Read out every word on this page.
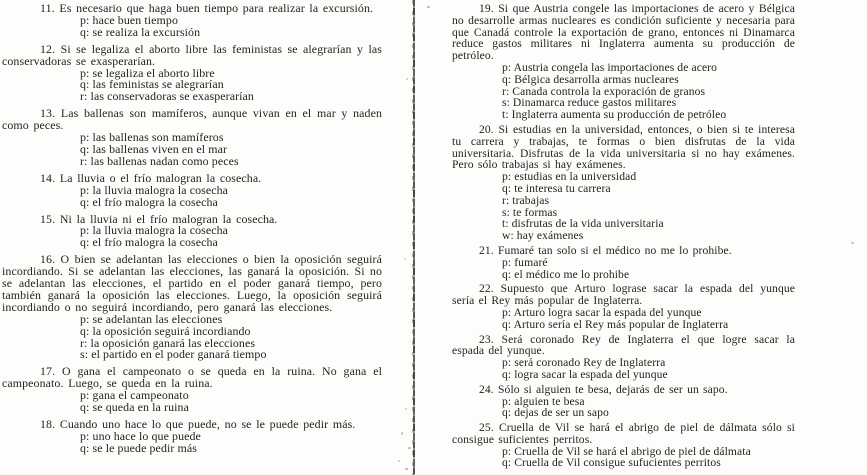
11. Es necesario que haga buen tiempo para realizar la excursión.

p: hace buen tiempo
q: se realiza la excursión

12. Si se legaliza el aborto libre las feministas se alegrarían y las conservadoras se exasperarían.

p: se legaliza el aborto libre
q: las feministas se alegrarían
r: las conservadoras se exasperarían

13. Las ballenas son mamíferos, aunque vivan en el mar y naden como peces.

p: las ballenas son mamíferos
q: las ballenas viven en el mar
r: las ballenas nadan como peces

14. La lluvia o el frío malogran la cosecha.

p: la lluvia malogra la cosecha
q: el frío malogra la cosecha

15. Ni la lluvia ni el frío malogran la cosecha.

p: la lluvia malogra la cosecha
q: el frío malogra la cosecha

16. O bien se adelantan las elecciones o bien la oposición seguirá incordiando. Si se adelantan las elecciones, las ganará la oposición. Si no se adelantan las elecciones, el partido en el poder ganará tiempo, pero también ganará la oposición las elecciones. Luego, la oposición seguirá incordiando o no seguirá incordiando, pero ganará las elecciones.

p: se adelantan las elecciones
q: la oposición seguirá incordiando
r: la oposición ganará las elecciones
s: el partido en el poder ganará tiempo

17. O gana el campeonato o se queda en la ruina. No gana el campeonato. Luego, se queda en la ruina.

p: gana el campeonato
q: se queda en la ruina

18. Cuando uno hace lo que puede, no se le puede pedir más.

p: uno hace lo que puede
q: se le puede pedir más

19. Si que Austria congele las importaciones de acero y Bélgica no desarrolle armas nucleares es condición suficiente y necesaria para que Canadá controle la exportación de grano, entonces ni Dinamarca reduce gastos militares ni Inglaterra aumenta su producción de petróleo.

p: Austria congela las importaciones de acero
q: Bélgica desarrolla armas nucleares
r: Canada controla la exporación de granos
s: Dinamarca reduce gastos militares
t: Inglaterra aumenta su producción de petróleo

20. Si estudias en la universidad, entonces, o bien si te interesa tu carrera y trabajas, te formas o bien disfrutas de la vida universitaria. Disfrutas de la vida universitaria si no hay exámenes. Pero sólo trabajas si hay exámenes.

p: estudias en la universidad
q: te interesa tu carrera
r: trabajas
s: te formas
t: disfrutas de la vida universitaria
w: hay exámenes

21. Fumaré tan solo si el médico no me lo prohibe.

p: fumaré
q: el médico me lo prohibe

22. Supuesto que Arturo lograse sacar la espada del yunque sería el Rey más popular de Inglaterra.

p: Arturo logra sacar la espada del yunque
q: Arturo sería el Rey más popular de Inglaterra

23. Será coronado Rey de Inglaterra el que logre sacar la espada del yunque.

p: será coronado Rey de Inglaterra
q: logra sacar la espada del yunque

24. Sólo si alguien te besa, dejarás de ser un sapo.

p: alguien te besa
q: dejas de ser un sapo

25. Cruella de Vil se hará el abrigo de piel de dálmata sólo si consigue suficientes perritos.

p: Cruella de Vil se hará el abrigo de piel de dálmata
q: Cruella de Vil consigue sufucientes perritos
